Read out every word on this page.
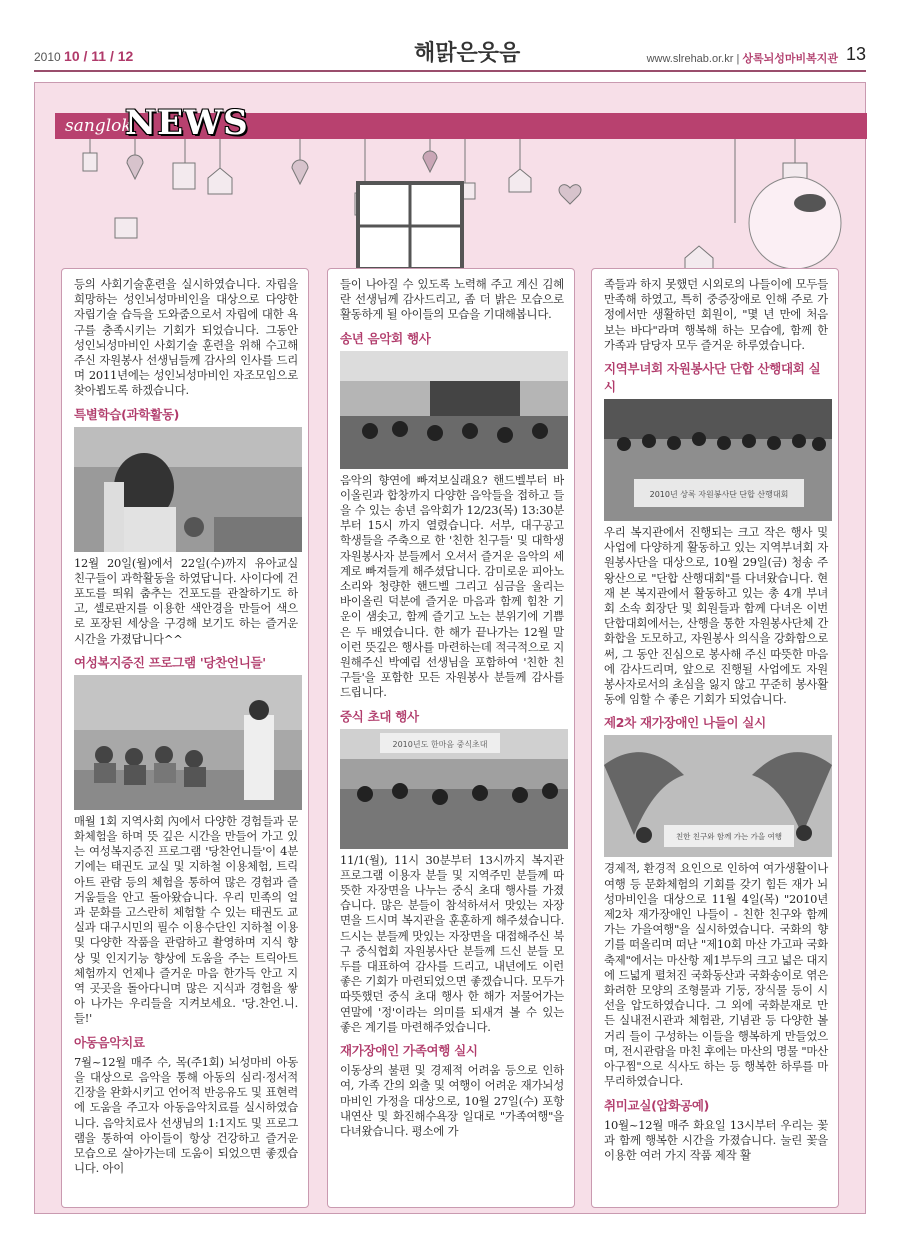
2010 10 / 11 / 12	해맑은웃음	www.slrehab.or.kr | 상록뇌성마비복지관 13
sanglok
NEWS

등의 사회기술훈련을 실시하였습니다. 자립을 희망하는 성인뇌성마비인을 대상으로 다양한 자립기술 습득을 도와줌으로서 자립에 대한 욕구를 충족시키는 기회가 되었습니다. 그동안 성인뇌성마비인 사회기술 훈련을 위해 수고해주신 자원봉사 선생님들께 감사의 인사를 드리며 2011년에는 성인뇌성마비인 자조모임으로 찾아뵙도록 하겠습니다.

특별학습(과학활동)

12월 20일(월)에서 22일(수)까지 유아교실 친구들이 과학활동을 하였답니다. 사이다에 건포도를 띄워 춤추는 건포도를 관찰하기도 하고, 셀로판지를 이용한 색안경을 만들어 색으로 포장된 세상을 구경해 보기도 하는 즐거운 시간을 가졌답니다^^

여성복지증진 프로그램 '당찬언니들'

매월 1회 지역사회 內에서 다양한 경험들과 문화체험을 하며 뜻 깊은 시간을 만들어 가고 있는 여성복지증진 프로그램 '당찬언니들'이 4분기에는 태권도 교실 및 지하철 이용체험, 트릭아트 관람 등의 체험을 통하여 많은 경험과 즐거움들을 안고 돌아왔습니다. 우리 민족의 얼과 문화를 고스란히 체험할 수 있는 태권도 교실과 대구시민의 필수 이용수단인 지하철 이용 및 다양한 작품을 관람하고 촬영하며 지식 향상 및 인지기능 향상에 도움을 주는 트릭아트 체험까지 언제나 즐거운 마음 한가득 안고 지역 곳곳을 돌아다니며 많은 지식과 경험을 쌓아 나가는 우리들을 지켜보세요. '당.찬언.니.들!'

아동음악치료

7월~12월 매주 수, 목(주1회) 뇌성마비 아동을 대상으로 음악을 통해 아동의 심리·정서적 긴장을 완화시키고 언어적 반응유도 및 표현력에 도움을 주고자 아동음악치료를 실시하였습니다. 음악치료사 선생님의 1:1지도 및 프로그램을 통하여 아이들이 항상 건강하고 즐거운 모습으로 살아가는데 도움이 되었으면 좋겠습니다. 아이

들이 나아질 수 있도록 노력해 주고 계신 김혜란 선생님께 감사드리고, 좀 더 밝은 모습으로 활동하게 될 아이들의 모습을 기대해봅니다.

송년 음악회 행사

음악의 향연에 빠져보실래요? 핸드벨부터 바이올린과 합창까지 다양한 음악들을 접하고 들을 수 있는 송년 음악회가 12/23(목) 13:30분부터 15시 까지 열렸습니다. 서부, 대구공고 학생들을 주축으로 한 '친한 친구들' 및 대학생 자원봉사자 분들께서 오셔서 즐거운 음악의 세계로 빠져들게 해주셨답니다. 감미로운 피아노 소리와 청량한 핸드벨 그리고 심금을 울리는 바이올린 덕분에 즐거운 마음과 함께 힘찬 기운이 샘솟고, 함께 즐기고 노는 분위기에 기쁨은 두 배였습니다. 한 해가 끝나가는 12월 말 이런 뜻깊은 행사를 마련하는데 적극적으로 지원해주신 박예림 선생님을 포함하여 '친한 친구들'을 포함한 모든 자원봉사 분들께 감사를 드립니다.

중식 초대 행사
2010년도 한마음 중식초대

11/1(월), 11시 30분부터 13시까지 복지관 프로그램 이용자 분들 및 지역주민 분들께 따뜻한 자장면을 나누는 중식 초대 행사를 가졌습니다. 많은 분들이 참석하셔서 맛있는 자장면을 드시며 복지관을 훈훈하게 해주셨습니다. 드시는 분들께 맛있는 자장면을 대접해주신 북구 중식협회 자원봉사단 분들께 드신 분들 모두를 대표하여 감사를 드리고, 내년에도 이런 좋은 기회가 마련되었으면 좋겠습니다. 모두가 따뜻했던 중식 초대 행사 한 해가 저물어가는 연말에 '정'이라는 의미를 되새겨 볼 수 있는 좋은 계기를 마련해주었습니다.

재가장애인 가족여행 실시

이동상의 불편 및 경제적 어려움 등으로 인하여, 가족 간의 외출 및 여행이 어려운 재가뇌성마비인 가정을 대상으로, 10월 27일(수) 포항 내연산 및 화진해수욕장 일대로 "가족여행"을 다녀왔습니다. 평소에 가

족들과 하지 못했던 시외로의 나들이에 모두들 만족해 하였고, 특히 중증장애로 인해 주로 가정에서만 생활하던 회원이, "몇 년 만에 처음 보는 바다"라며 행복해 하는 모습에, 함께 한 가족과 담당자 모두 즐거운 하루였습니다.

지역부녀회 자원봉사단 단합 산행대회 실시
2010년 상록 자원봉사단 단합 산행대회

우리 복지관에서 진행되는 크고 작은 행사 및 사업에 다양하게 활동하고 있는 지역부녀회 자원봉사단을 대상으로, 10월 29일(금) 청송 주왕산으로 "단합 산행대회"를 다녀왔습니다. 현재 본 복지관에서 활동하고 있는 총 4개 부녀회 소속 회장단 및 회원들과 함께 다녀온 이번 단합대회에서는, 산행을 통한 자원봉사단체 간 화합을 도모하고, 자원봉사 의식을 강화함으로써, 그 동안 진심으로 봉사해 주신 따뜻한 마음에 감사드리며, 앞으로 진행될 사업에도 자원봉사자로서의 초심을 잃지 않고 꾸준히 봉사활동에 임할 수 좋은 기회가 되었습니다.

제2차 재가장애인 나들이 실시
친한 친구와 함께 가는 가을 여행

경제적, 환경적 요인으로 인하여 여가생활이나 여행 등 문화체험의 기회를 갖기 힘든 재가 뇌성마비인을 대상으로 11월 4일(목) "2010년 제2차 재가장애인 나들이 - 친한 친구와 함께 가는 가을여행"을 실시하였습니다. 국화의 향기를 떠올리며 떠난 "제10회 마산 가고파 국화축제"에서는 마산항 제1부두의 크고 넓은 대지에 드넓게 펼쳐진 국화동산과 국화송이로 엮은 화려한 모양의 조형물과 기둥, 장식물 등이 시선을 압도하였습니다. 그 외에 국화분재로 만든 실내전시관과 체험관, 기념관 등 다양한 볼거리 들이 구성하는 이들을 행복하게 만들었으며, 전시관람을 마친 후에는 마산의 명물 "마산아구찜"으로 식사도 하는 등 행복한 하루를 마무리하였습니다.

취미교실(압화공예)

10월~12월 매주 화요일 13시부터 우리는 꽃과 함께 행복한 시간을 가졌습니다. 눌린 꽃을 이용한 여러 가지 작품 제작 활
